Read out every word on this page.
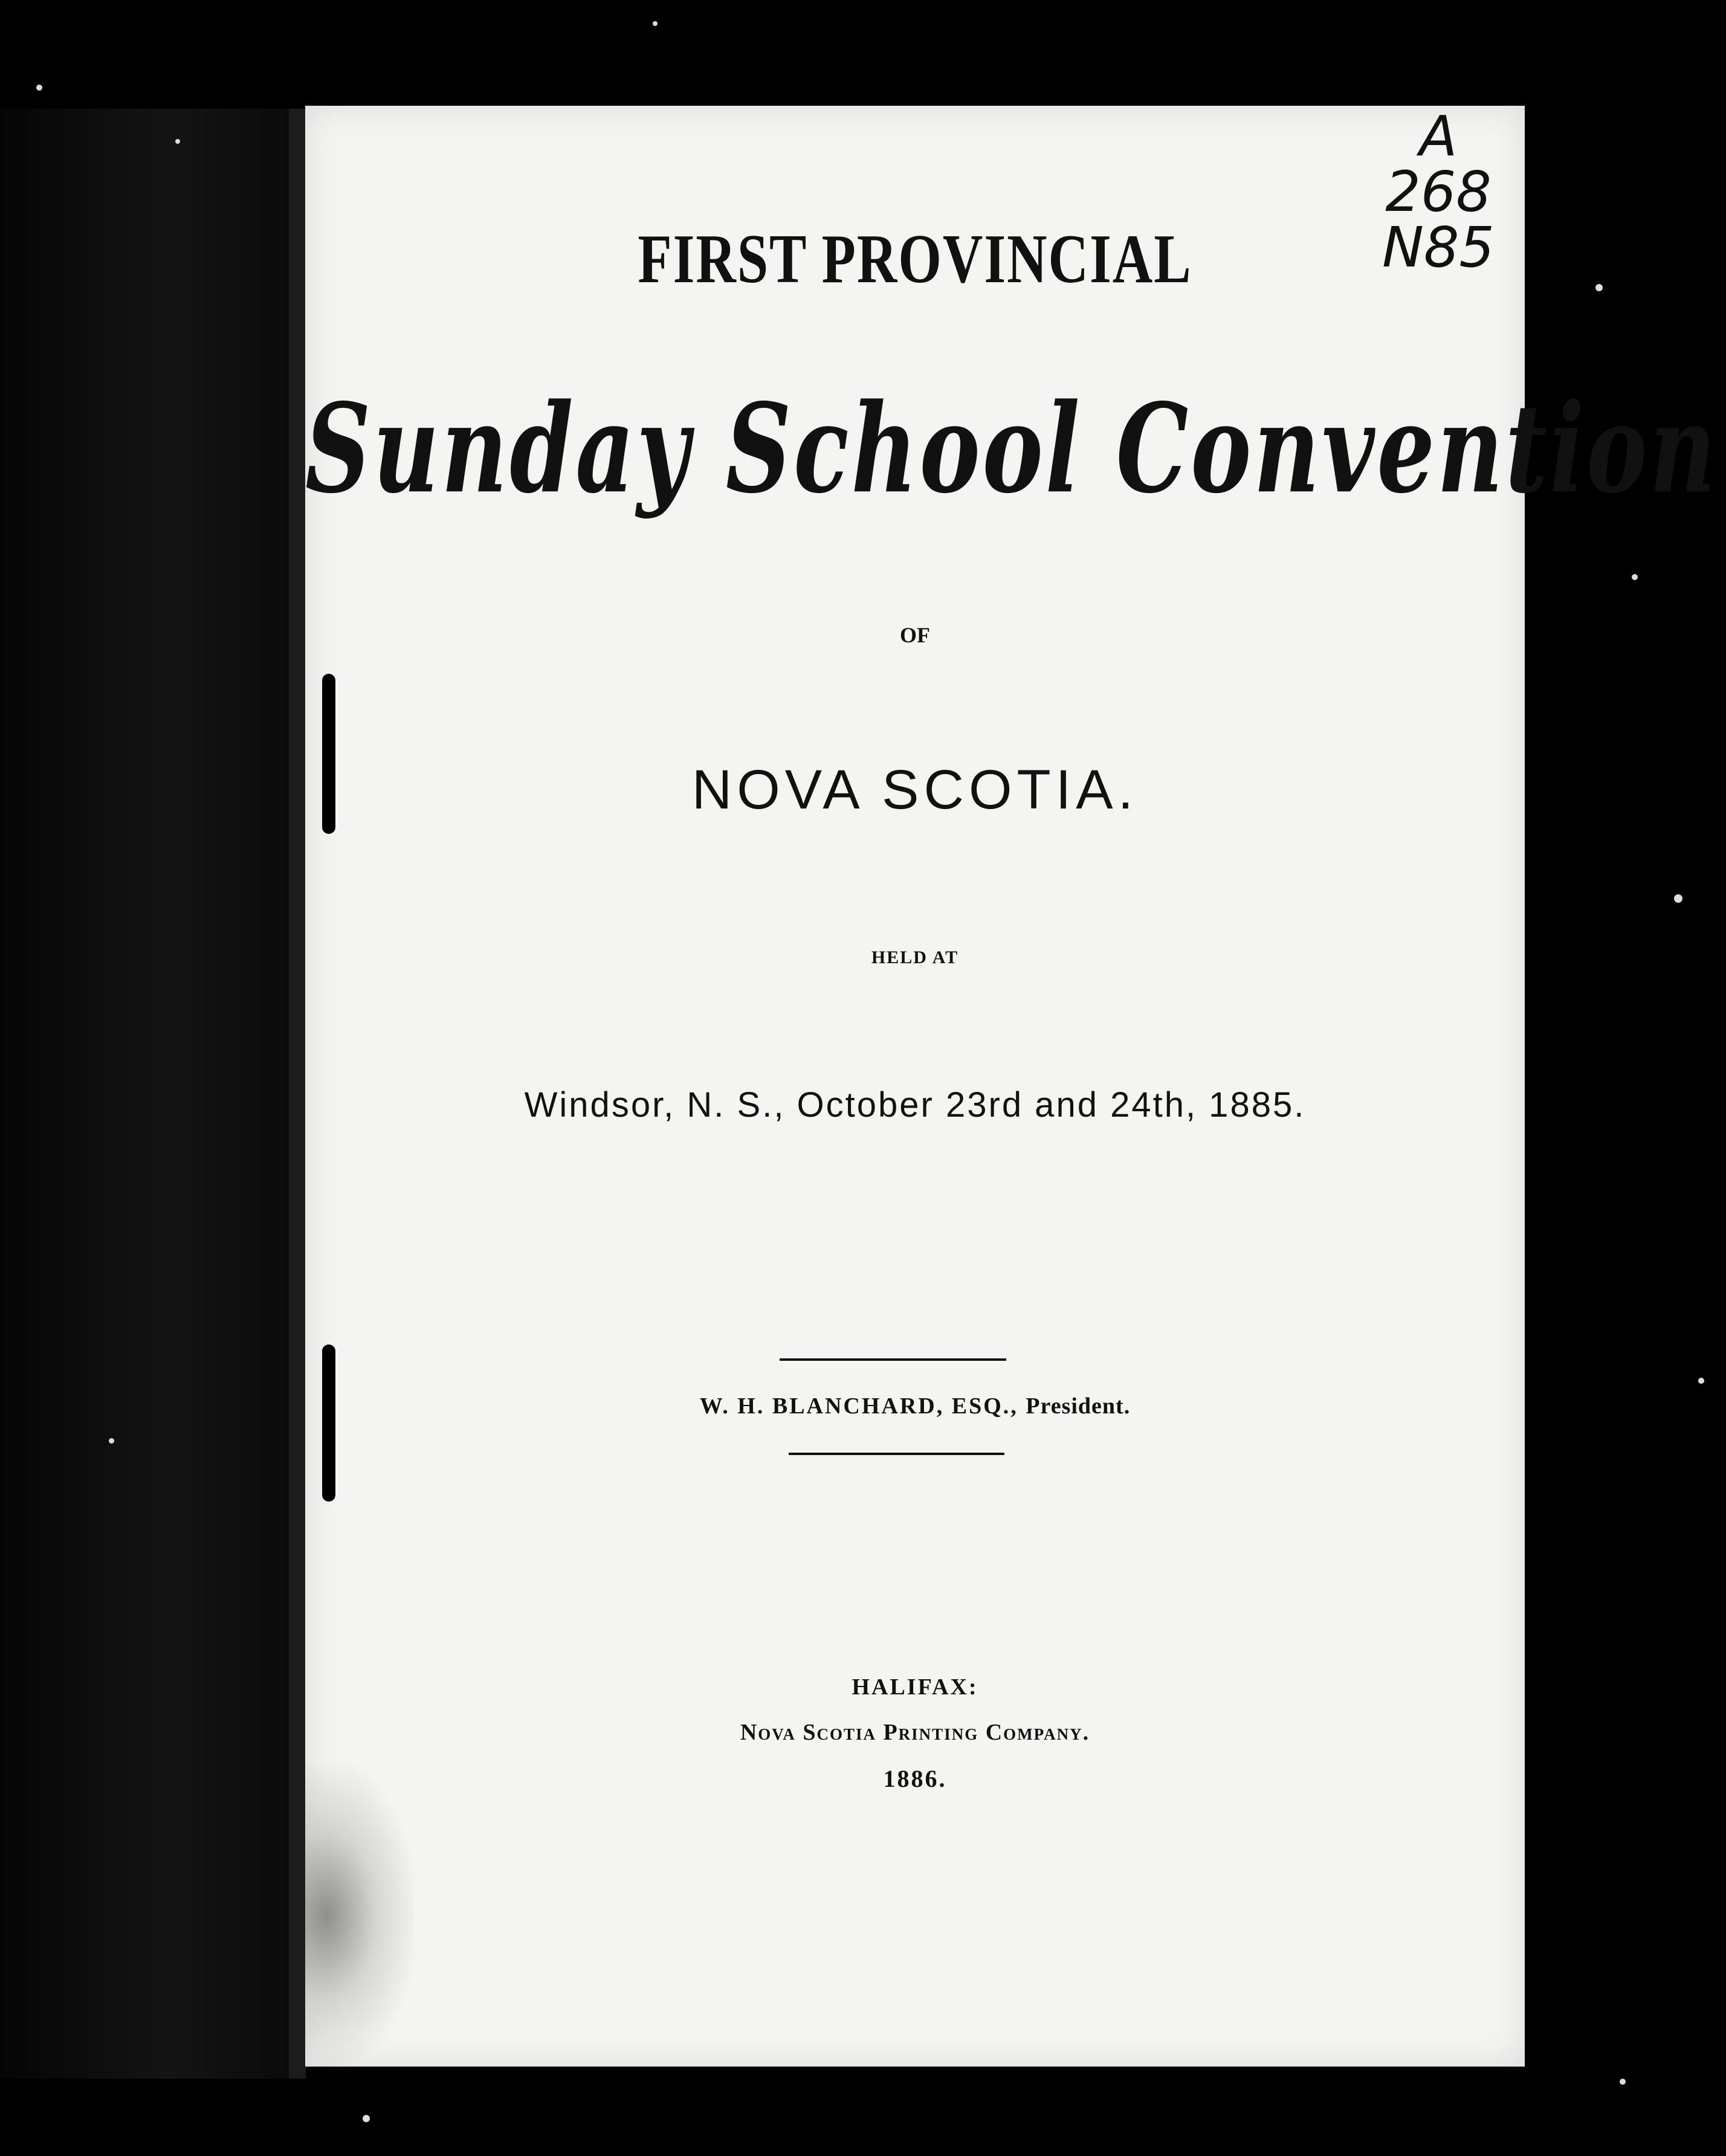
A
268
N85
FIRST PROVINCIAL
Sunday School Convention
OF
NOVA SCOTIA.
HELD AT
Windsor, N. S., October 23rd and 24th, 1885.
W. H. BLANCHARD, ESQ., President.
HALIFAX:
Nova Scotia Printing Company.
1886.
